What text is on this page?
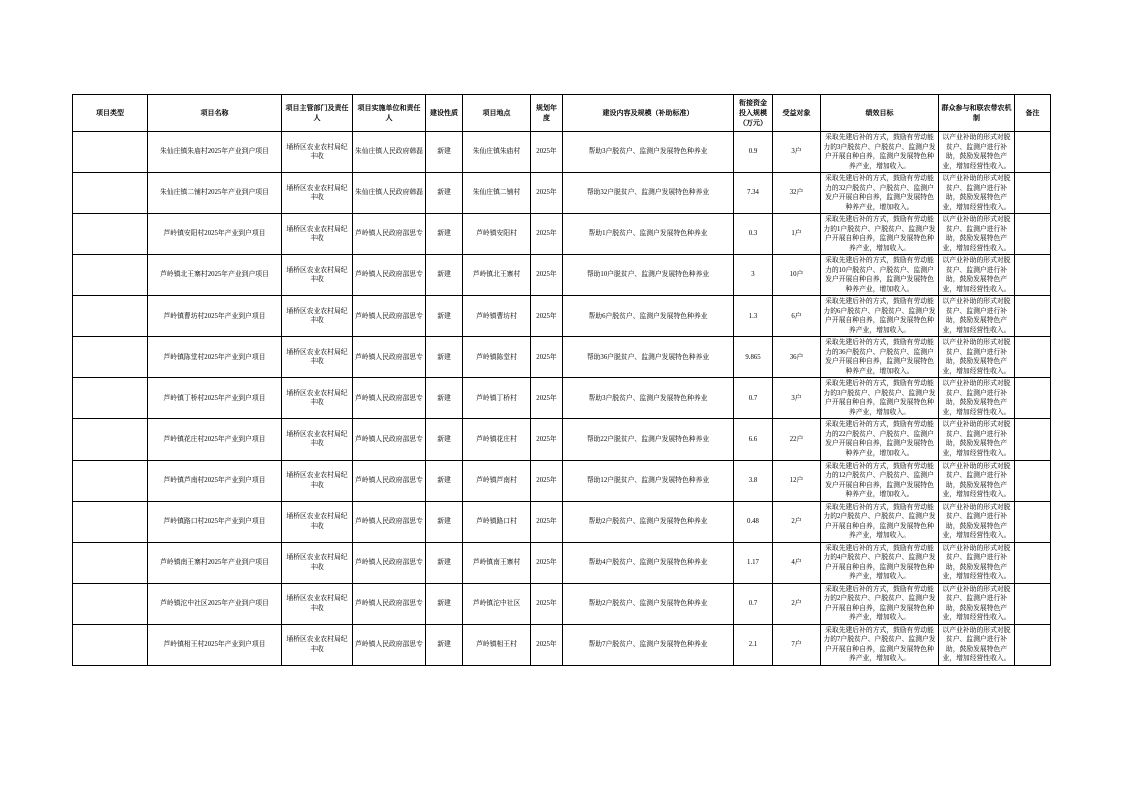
项目类型	项目名称	项目主管部门及责任人	项目实施单位和责任人	建设性质	项目地点	规划年度	建设内容及规模（补助标准）	衔接资金投入规模（万元）	受益对象	绩效目标	群众参与和联农带农机制	备注
	朱仙庄镇朱庙村2025年产业到户项目	埇桥区农业农村局纪丰收	朱仙庄镇人民政府韩磊	新建	朱仙庄镇朱庙村	2025年	帮助3户脱贫户、监测户发展特色种养业	0.9	3户	采取先建后补的方式，鼓励有劳动能力的3户脱贫户、户脱贫户、监测户发户开展自种自养，监测户发展特色种养产业，增加收入。	以产业补助的形式对脱贫户、监测户进行补助，鼓励发展特色产业，增加经营性收入。	
	朱仙庄镇二铺村2025年产业到户项目	埇桥区农业农村局纪丰收	朱仙庄镇人民政府韩磊	新建	朱仙庄镇二铺村	2025年	帮助32户脱贫户、监测户发展特色种养业	7.34	32户	采取先建后补的方式，鼓励有劳动能力的32户脱贫户、户脱贫户、监测户发户开展自种自养，监测户发展特色种养产业，增加收入。	以产业补助的形式对脱贫户、监测户进行补助，鼓励发展特色产业，增加经营性收入。	
	芦岭镇安阳村2025年产业到户项目	埇桥区农业农村局纪丰收	芦岭镇人民政府邵思专	新建	芦岭镇安阳村	2025年	帮助1户脱贫户、监测户发展特色种养业	0.3	1户	采取先建后补的方式，鼓励有劳动能力的1户脱贫户、户脱贫户、监测户发户开展自种自养，监测户发展特色种养产业，增加收入。	以产业补助的形式对脱贫户、监测户进行补助，鼓励发展特色产业，增加经营性收入。	
	芦岭镇北王寨村2025年产业到户项目	埇桥区农业农村局纪丰收	芦岭镇人民政府邵思专	新建	芦岭镇北王寨村	2025年	帮助10户脱贫户、监测户发展特色种养业	3	10户	采取先建后补的方式，鼓励有劳动能力的10户脱贫户、户脱贫户、监测户发户开展自种自养，监测户发展特色种养产业，增加收入。	以产业补助的形式对脱贫户、监测户进行补助，鼓励发展特色产业，增加经营性收入。	
	芦岭镇曹坊村2025年产业到户项目	埇桥区农业农村局纪丰收	芦岭镇人民政府邵思专	新建	芦岭镇曹坊村	2025年	帮助6户脱贫户、监测户发展特色种养业	1.3	6户	采取先建后补的方式，鼓励有劳动能力的6户脱贫户、户脱贫户、监测户发户开展自种自养，监测户发展特色种养产业，增加收入。	以产业补助的形式对脱贫户、监测户进行补助，鼓励发展特色产业，增加经营性收入。	
	芦岭镇陈堂村2025年产业到户项目	埇桥区农业农村局纪丰收	芦岭镇人民政府邵思专	新建	芦岭镇陈堂村	2025年	帮助36户脱贫户、监测户发展特色种养业	9.865	36户	采取先建后补的方式，鼓励有劳动能力的36户脱贫户、户脱贫户、监测户发户开展自种自养，监测户发展特色种养产业，增加收入。	以产业补助的形式对脱贫户、监测户进行补助，鼓励发展特色产业，增加经营性收入。	
	芦岭镇丁桥村2025年产业到户项目	埇桥区农业农村局纪丰收	芦岭镇人民政府邵思专	新建	芦岭镇丁桥村	2025年	帮助3户脱贫户、监测户发展特色种养业	0.7	3户	采取先建后补的方式，鼓励有劳动能力的3户脱贫户、户脱贫户、监测户发户开展自种自养，监测户发展特色种养产业，增加收入。	以产业补助的形式对脱贫户、监测户进行补助，鼓励发展特色产业，增加经营性收入。	
	芦岭镇花庄村2025年产业到户项目	埇桥区农业农村局纪丰收	芦岭镇人民政府邵思专	新建	芦岭镇花庄村	2025年	帮助22户脱贫户、监测户发展特色种养业	6.6	22户	采取先建后补的方式，鼓励有劳动能力的22户脱贫户、户脱贫户、监测户发户开展自种自养，监测户发展特色种养产业，增加收入。	以产业补助的形式对脱贫户、监测户进行补助，鼓励发展特色产业，增加经营性收入。	
	芦岭镇芦南村2025年产业到户项目	埇桥区农业农村局纪丰收	芦岭镇人民政府邵思专	新建	芦岭镇芦南村	2025年	帮助12户脱贫户、监测户发展特色种养业	3.8	12户	采取先建后补的方式，鼓励有劳动能力的12户脱贫户、户脱贫户、监测户发户开展自种自养，监测户发展特色种养产业，增加收入。	以产业补助的形式对脱贫户、监测户进行补助，鼓励发展特色产业，增加经营性收入。	
	芦岭镇路口村2025年产业到户项目	埇桥区农业农村局纪丰收	芦岭镇人民政府邵思专	新建	芦岭镇路口村	2025年	帮助2户脱贫户、监测户发展特色种养业	0.48	2户	采取先建后补的方式，鼓励有劳动能力的2户脱贫户、户脱贫户、监测户发户开展自种自养，监测户发展特色种养产业，增加收入。	以产业补助的形式对脱贫户、监测户进行补助，鼓励发展特色产业，增加经营性收入。	
	芦岭镇南王寨村2025年产业到户项目	埇桥区农业农村局纪丰收	芦岭镇人民政府邵思专	新建	芦岭镇南王寨村	2025年	帮助4户脱贫户、监测户发展特色种养业	1.17	4户	采取先建后补的方式，鼓励有劳动能力的4户脱贫户、户脱贫户、监测户发户开展自种自养，监测户发展特色种养产业，增加收入。	以产业补助的形式对脱贫户、监测户进行补助，鼓励发展特色产业，增加经营性收入。	
	芦岭镇沱中社区2025年产业到户项目	埇桥区农业农村局纪丰收	芦岭镇人民政府邵思专	新建	芦岭镇沱中社区	2025年	帮助2户脱贫户、监测户发展特色种养业	0.7	2户	采取先建后补的方式，鼓励有劳动能力的2户脱贫户、户脱贫户、监测户发户开展自种自养，监测户发展特色种养产业，增加收入。	以产业补助的形式对脱贫户、监测户进行补助，鼓励发展特色产业，增加经营性收入。	
	芦岭镇相王村2025年产业到户项目	埇桥区农业农村局纪丰收	芦岭镇人民政府邵思专	新建	芦岭镇相王村	2025年	帮助7户脱贫户、监测户发展特色种养业	2.1	7户	采取先建后补的方式，鼓励有劳动能力的7户脱贫户、户脱贫户、监测户发户开展自种自养，监测户发展特色种养产业，增加收入。	以产业补助的形式对脱贫户、监测户进行补助，鼓励发展特色产业，增加经营性收入。	
